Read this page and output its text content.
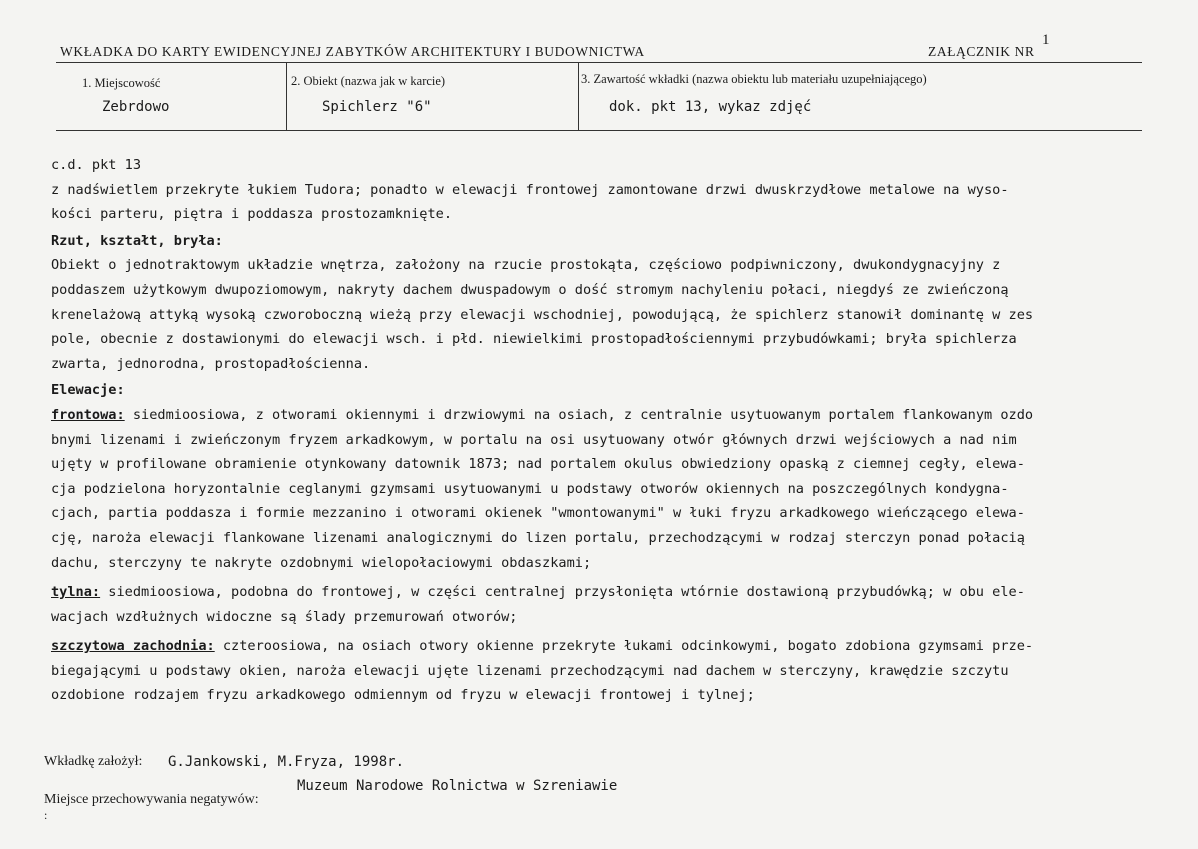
1
WKŁADKA DO KARTY EWIDENCYJNEJ ZABYTKÓW ARCHITEKTURY I BUDOWNICTWA	ZAŁĄCZNIK NR
1. Miejscowość
Zebrdowo
2. Obiekt (nazwa jak w karcie)
Spichlerz "6"
3. Zawartość wkładki (nazwa obiektu lub materiału uzupełniającego)
dok. pkt 13, wykaz zdjęć

c.d. pkt 13

z nadświetlem przekryte łukiem Tudora; ponadto w elewacji frontowej zamontowane drzwi dwuskrzydłowe metalowe na wyso-

kości parteru, piętra i poddasza prostozamknięte.

Rzut, kształt, bryła:

Obiekt o jednotraktowym układzie wnętrza, założony na rzucie prostokąta, częściowo podpiwniczony, dwukondygnacyjny z

poddaszem użytkowym dwupoziomowym, nakryty dachem dwuspadowym o dość stromym nachyleniu połaci, niegdyś ze zwieńczoną

krenelażową attyką wysoką czworoboczną wieżą przy elewacji wschodniej, powodującą, że spichlerz stanowił dominantę w zes

pole, obecnie z dostawionymi do elewacji wsch. i płd. niewielkimi prostopadłościennymi przybudówkami; bryła spichlerza

zwarta, jednorodna, prostopadłościenna.

Elewacje:

frontowa: siedmioosiowa, z otworami okiennymi i drzwiowymi na osiach, z centralnie usytuowanym portalem flankowanym ozdo

bnymi lizenami i zwieńczonym fryzem arkadkowym, w portalu na osi usytuowany otwór głównych drzwi wejściowych a nad nim

ujęty w profilowane obramienie otynkowany datownik 1873; nad portalem okulus obwiedziony opaską z ciemnej cegły, elewa-

cja podzielona horyzontalnie ceglanymi gzymsami usytuowanymi u podstawy otworów okiennych na poszczególnych kondygna-

cjach, partia poddasza i formie mezzanino i otworami okienek "wmontowanymi" w łuki fryzu arkadkowego wieńczącego elewa-

cję, naroża elewacji flankowane lizenami analogicznymi do lizen portalu, przechodzącymi w rodzaj sterczyn ponad połacią

dachu, sterczyny te nakryte ozdobnymi wielopołaciowymi obdaszkami;

tylna: siedmioosiowa, podobna do frontowej, w części centralnej przysłonięta wtórnie dostawioną przybudówką; w obu ele-

wacjach wzdłużnych widoczne są ślady przemurowań otworów;

szczytowa zachodnia: czteroosiowa, na osiach otwory okienne przekryte łukami odcinkowymi, bogato zdobiona gzymsami prze-

biegającymi u podstawy okien, naroża elewacji ujęte lizenami przechodzącymi nad dachem w sterczyny, krawędzie szczytu

ozdobione rodzajem fryzu arkadkowego odmiennym od fryzu w elewacji frontowej i tylnej;

Wkładkę założył: G.Jankowski, M.Fryza, 1998r.
Miejsce przechowywania negatywów:
Muzeum Narodowe Rolnictwa w Szreniawie
:
